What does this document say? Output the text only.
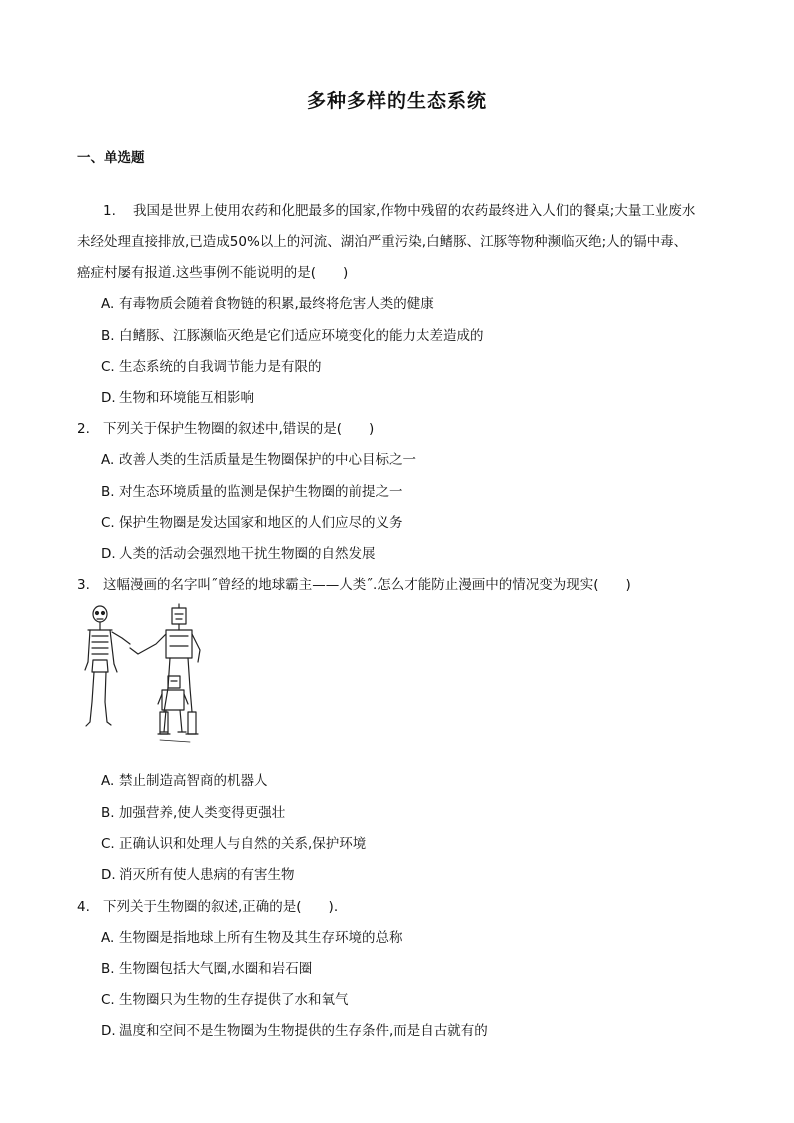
多种多样的生态系统
一、单选题
1. 我国是世界上使用农药和化肥最多的国家,作物中残留的农药最终进入人们的餐桌;大量工业废水
未经处理直接排放,已造成50%以上的河流、湖泊严重污染,白鳍豚、江豚等物种濒临灭绝;人的镉中毒、
癌症村屡有报道.这些事例不能说明的是(　　)
A. 有毒物质会随着食物链的积累,最终将危害人类的健康
B. 白鳍豚、江豚濒临灭绝是它们适应环境变化的能力太差造成的
C. 生态系统的自我调节能力是有限的
D. 生物和环境能互相影响
2. 下列关于保护生物圈的叙述中,错误的是(　　)
A. 改善人类的生活质量是生物圈保护的中心目标之一
B. 对生态环境质量的监测是保护生物圈的前提之一
C. 保护生物圈是发达国家和地区的人们应尽的义务
D. 人类的活动会强烈地干扰生物圈的自然发展
3. 这幅漫画的名字叫˝曾经的地球霸主——人类˝.怎么才能防止漫画中的情况变为现实(　　)
A. 禁止制造高智商的机器人
B. 加强营养,使人类变得更强壮
C. 正确认识和处理人与自然的关系,保护环境
D. 消灭所有使人患病的有害生物
4. 下列关于生物圈的叙述,正确的是(　　).
A. 生物圈是指地球上所有生物及其生存环境的总称
B. 生物圈包括大气圈,水圈和岩石圈
C. 生物圈只为生物的生存提供了水和氧气
D. 温度和空间不是生物圈为生物提供的生存条件,而是自古就有的
